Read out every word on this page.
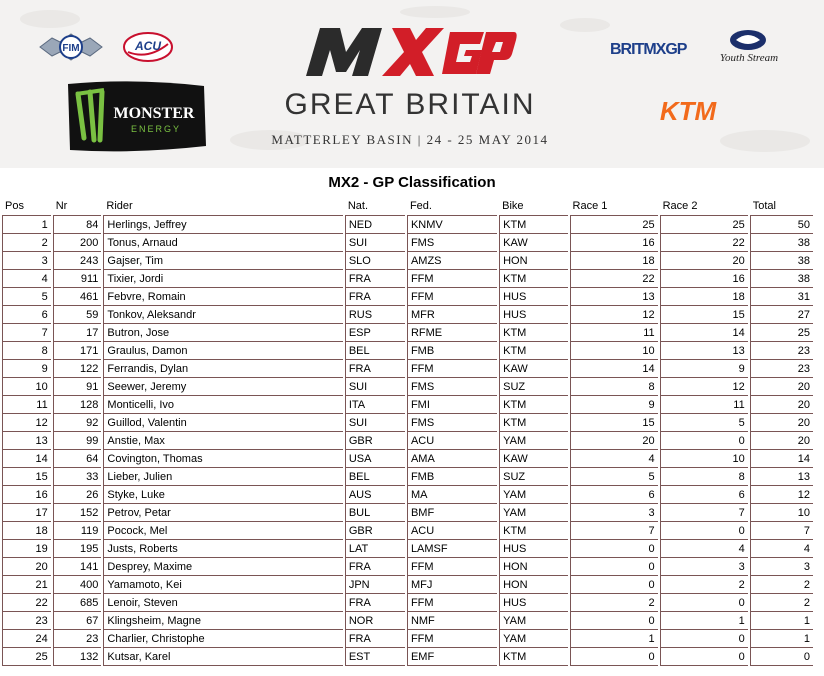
FIM	ACU
MONSTER
ENERGY
GREAT BRITAIN
MATTERLEY BASIN | 24 - 25 MAY 2014
BRITMXGP	Youth Stream
KTM
MX2 - GP Classification
Pos	Nr	Rider	Nat.	Fed.	Bike	Race 1	Race 2	Total
1	84	Herlings, Jeffrey	NED	KNMV	KTM	25	25	50
2	200	Tonus, Arnaud	SUI	FMS	KAW	16	22	38
3	243	Gajser, Tim	SLO	AMZS	HON	18	20	38
4	911	Tixier, Jordi	FRA	FFM	KTM	22	16	38
5	461	Febvre, Romain	FRA	FFM	HUS	13	18	31
6	59	Tonkov, Aleksandr	RUS	MFR	HUS	12	15	27
7	17	Butron, Jose	ESP	RFME	KTM	11	14	25
8	171	Graulus, Damon	BEL	FMB	KTM	10	13	23
9	122	Ferrandis, Dylan	FRA	FFM	KAW	14	9	23
10	91	Seewer, Jeremy	SUI	FMS	SUZ	8	12	20
11	128	Monticelli, Ivo	ITA	FMI	KTM	9	11	20
12	92	Guillod, Valentin	SUI	FMS	KTM	15	5	20
13	99	Anstie, Max	GBR	ACU	YAM	20	0	20
14	64	Covington, Thomas	USA	AMA	KAW	4	10	14
15	33	Lieber, Julien	BEL	FMB	SUZ	5	8	13
16	26	Styke, Luke	AUS	MA	YAM	6	6	12
17	152	Petrov, Petar	BUL	BMF	YAM	3	7	10
18	119	Pocock, Mel	GBR	ACU	KTM	7	0	7
19	195	Justs, Roberts	LAT	LAMSF	HUS	0	4	4
20	141	Desprey, Maxime	FRA	FFM	HON	0	3	3
21	400	Yamamoto, Kei	JPN	MFJ	HON	0	2	2
22	685	Lenoir, Steven	FRA	FFM	HUS	2	0	2
23	67	Klingsheim, Magne	NOR	NMF	YAM	0	1	1
24	23	Charlier, Christophe	FRA	FFM	YAM	1	0	1
25	132	Kutsar, Karel	EST	EMF	KTM	0	0	0
